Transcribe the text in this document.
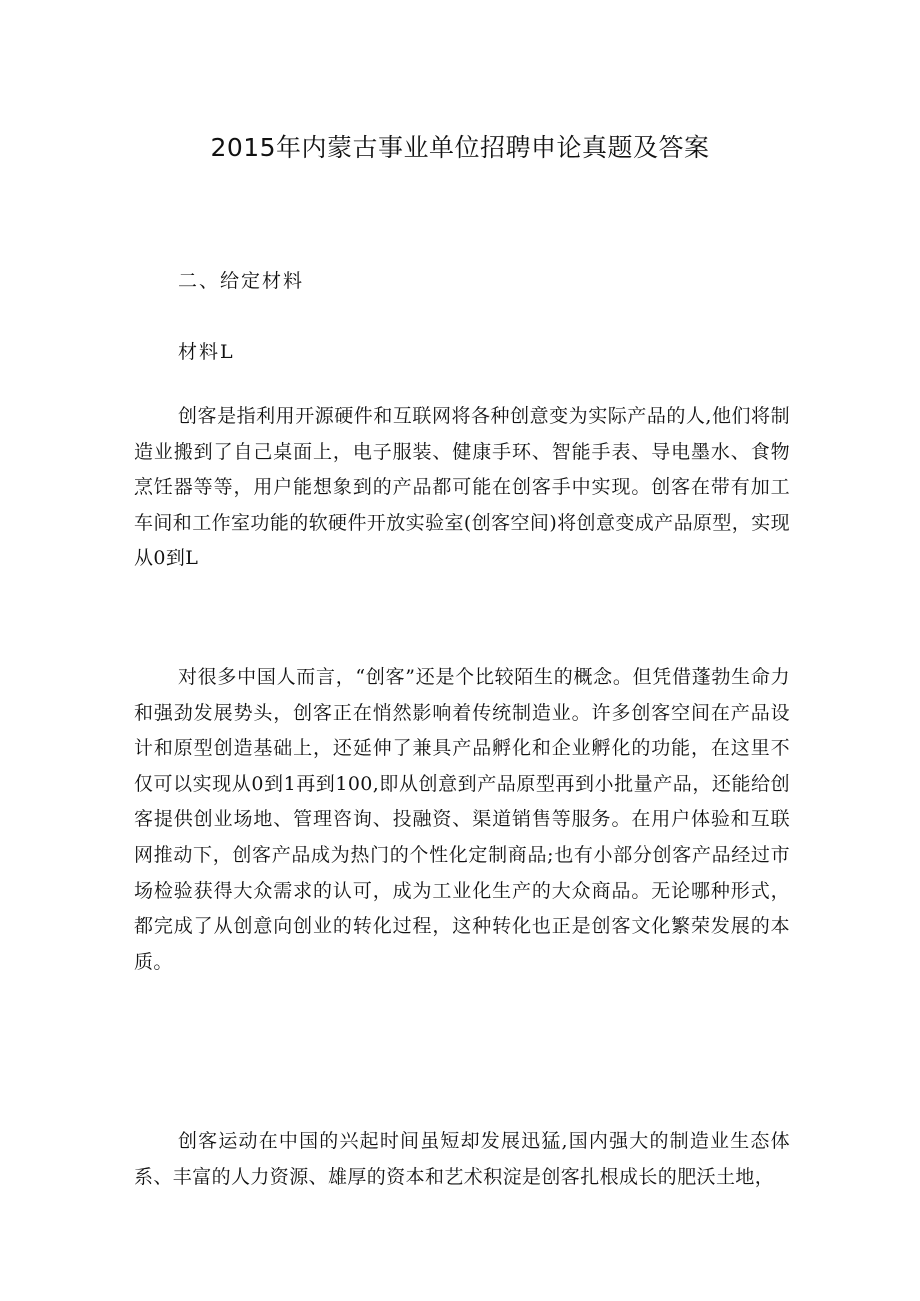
2015年内蒙古事业单位招聘申论真题及答案

二、给定材料

材料L

创客是指利用开源硬件和互联网将各种创意变为实际产品的人,他们将制造业搬到了自己桌面上，电子服装、健康手环、智能手表、导电墨水、食物烹饪器等等，用户能想象到的产品都可能在创客手中实现。创客在带有加工车间和工作室功能的软硬件开放实验室(创客空间)将创意变成产品原型，实现从0到L

对很多中国人而言，“创客”还是个比较陌生的概念。但凭借蓬勃生命力和强劲发展势头，创客正在悄然影响着传统制造业。许多创客空间在产品设计和原型创造基础上，还延伸了兼具产品孵化和企业孵化的功能，在这里不仅可以实现从0到1再到100,即从创意到产品原型再到小批量产品，还能给创客提供创业场地、管理咨询、投融资、渠道销售等服务。在用户体验和互联网推动下，创客产品成为热门的个性化定制商品;也有小部分创客产品经过市场检验获得大众需求的认可，成为工业化生产的大众商品。无论哪种形式，都完成了从创意向创业的转化过程，这种转化也正是创客文化繁荣发展的本质。

创客运动在中国的兴起时间虽短却发展迅猛,国内强大的制造业生态体系、丰富的人力资源、雄厚的资本和艺术积淀是创客扎根成长的肥沃土地，
